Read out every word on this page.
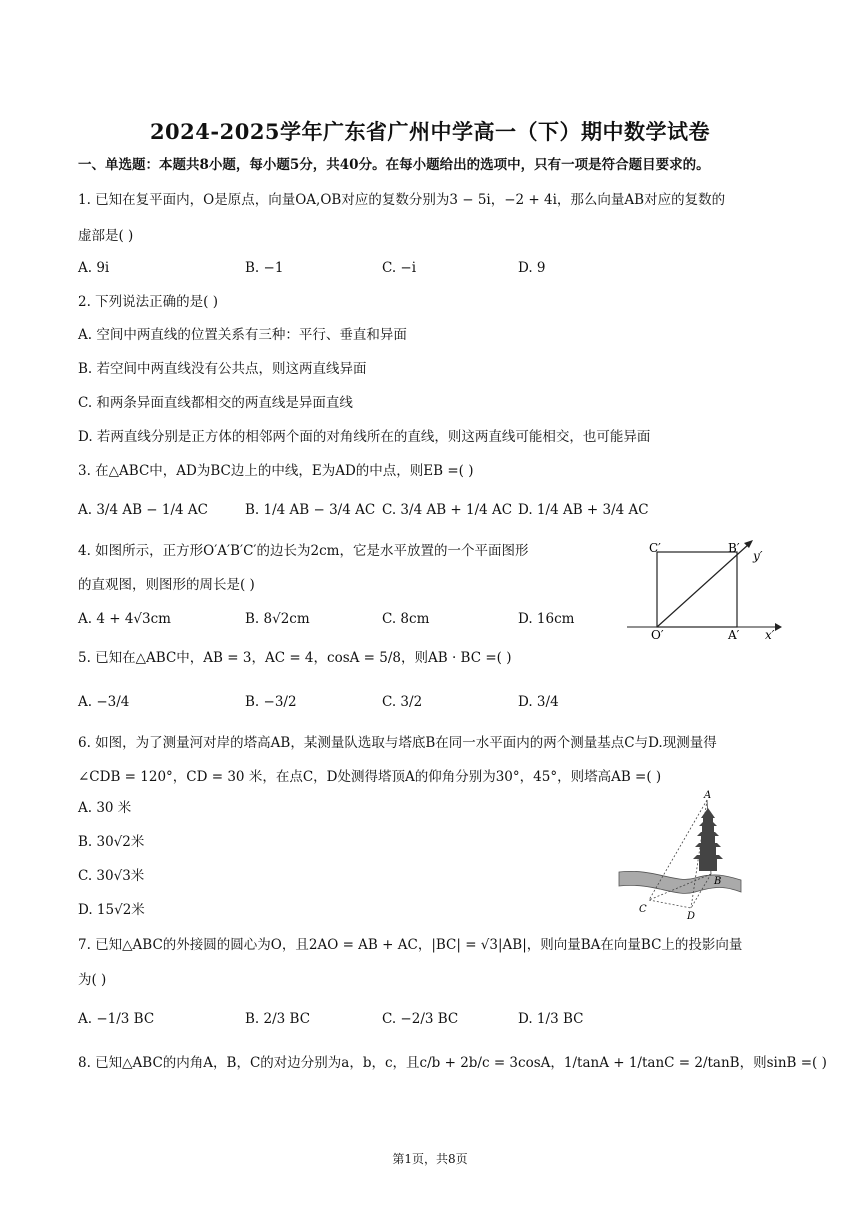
2024-2025学年广东省广州中学高一（下）期中数学试卷
一、单选题：本题共8小题，每小题5分，共40分。在每小题给出的选项中，只有一项是符合题目要求的。
1. 已知在复平面内，O是原点，向量OA,OB对应的复数分别为3 − 5i，−2 + 4i，那么向量AB对应的复数的
虚部是( )
A. 9i	B. −1	C. −i	D. 9
2. 下列说法正确的是( )
A. 空间中两直线的位置关系有三种：平行、垂直和异面
B. 若空间中两直线没有公共点，则这两直线异面
C. 和两条异面直线都相交的两直线是异面直线
D. 若两直线分别是正方体的相邻两个面的对角线所在的直线，则这两直线可能相交，也可能异面
3. 在△ABC中，AD为BC边上的中线，E为AD的中点，则EB =( )
A. 3/4 AB − 1/4 AC	B. 1/4 AB − 3/4 AC C. 3/4 AB + 1/4 AC D. 1/4 AB + 3/4 AC
4. 如图所示，正方形O′A′B′C′的边长为2cm，它是水平放置的一个平面图形
的直观图，则图形的周长是( )
A. 4 + 4√3cm	B. 8√2cm	C. 8cm	D. 16cm
C′	B′
y′
O′	A′ x′
5. 已知在△ABC中，AB = 3，AC = 4，cosA = 5/8，则AB · BC =( )
A. −3/4	B. −3/2	C. 3/2	D. 3/4
6. 如图，为了测量河对岸的塔高AB，某测量队选取与塔底B在同一水平面内的两个测量基点C与D.现测量得
∠CDB = 120°，CD = 30 米，在点C，D处测得塔顶A的仰角分别为30°，45°，则塔高AB =( )
A. 30 米
B. 30√2米
C. 30√3米
D. 15√2米
A
B
C
D
7. 已知△ABC的外接圆的圆心为O，且2AO = AB + AC，|BC| = √3|AB|，则向量BA在向量BC上的投影向量
为( )
A. −1/3 BC	B. 2/3 BC	C. −2/3 BC	D. 1/3 BC
8. 已知△ABC的内角A，B，C的对边分别为a，b，c，且c/b + 2b/c = 3cosA，1/tanA + 1/tanC = 2/tanB，则sinB =( )
第1页，共8页
